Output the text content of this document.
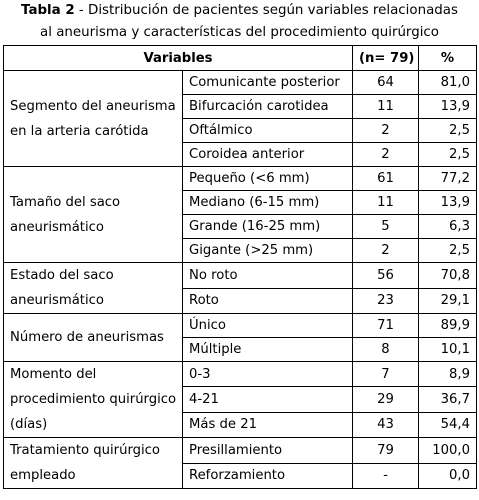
Tabla 2 - Distribución de pacientes según variables relacionadas
al aneurisma y características del procedimiento quirúrgico
Variables		(n= 79)	%
Segmento del aneurisma en la arteria carótida	Comunicante posterior	64	81,0
	Bifurcación carotidea	11	13,9
	Oftálmico	2	2,5
	Coroidea anterior	2	2,5
Tamaño del saco aneurismático	Pequeño (<6 mm)	61	77,2
	Mediano (6-15 mm)	11	13,9
	Grande (16-25 mm)	5	6,3
	Gigante (>25 mm)	2	2,5
Estado del saco aneurismático	No roto	56	70,8
	Roto	23	29,1
Número de aneurismas	Único	71	89,9
	Múltiple	8	10,1
Momento del procedimiento quirúrgico (días)	0-3	7	8,9
	4-21	29	36,7
	Más de 21	43	54,4
Tratamiento quirúrgico empleado	Presillamiento	79	100,0
	Reforzamiento	-	0,0
